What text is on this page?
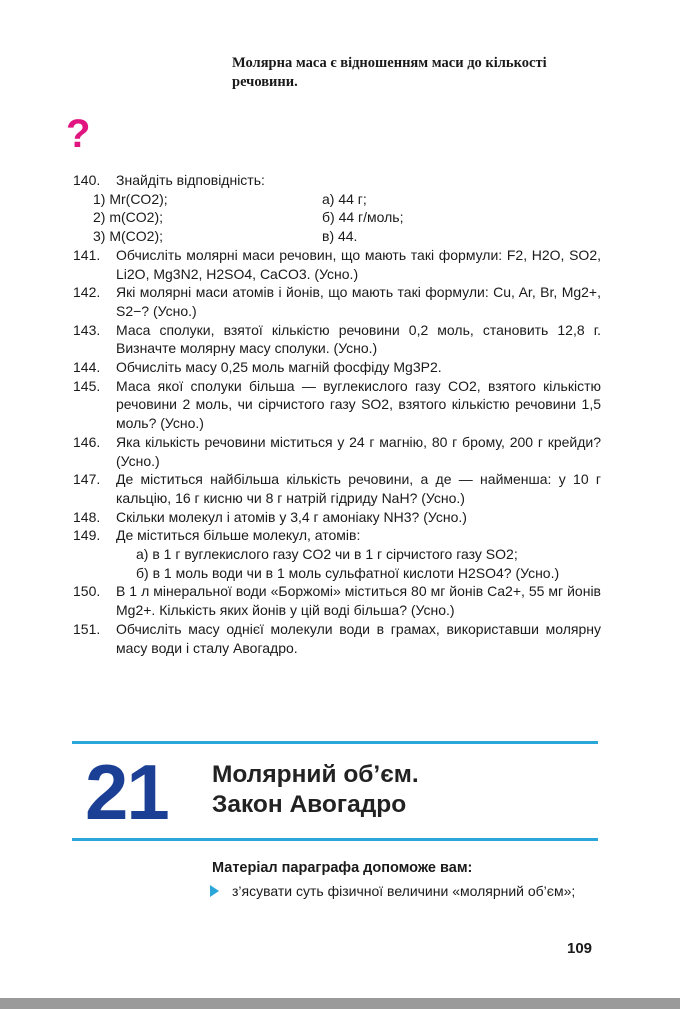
Молярна маса є відношенням маси до кількості речовини.
?
140. Знайдіть відповідність:
1) Mr(CO2);	а) 44 г;
2) m(CO2);	б) 44 г/моль;
3) M(CO2);	в) 44.
141. Обчисліть молярні маси речовин, що мають такі формули: F2, H2O, SO2, Li2O, Mg3N2, H2SO4, CaCO3. (Усно.)
142. Які молярні маси атомів і йонів, що мають такі формули: Cu, Ar, Br, Mg2+, S2−? (Усно.)
143. Маса сполуки, взятої кількістю речовини 0,2 моль, становить 12,8 г. Визначте молярну масу сполуки. (Усно.)
144. Обчисліть масу 0,25 моль магній фосфіду Mg3P2.
145. Маса якої сполуки більша — вуглекислого газу CO2, взятого кількістю речовини 2 моль, чи сірчистого газу SO2, взятого кількістю речовини 1,5 моль? (Усно.)
146. Яка кількість речовини міститься у 24 г магнію, 80 г брому, 200 г крейди? (Усно.)
147. Де міститься найбільша кількість речовини, а де — найменша: у 10 г кальцію, 16 г кисню чи 8 г натрій гідриду NaH? (Усно.)
148. Скільки молекул і атомів у 3,4 г амоніаку NH3? (Усно.)
149. Де міститься більше молекул, атомів:
а) в 1 г вуглекислого газу CO2 чи в 1 г сірчистого газу SO2;
б) в 1 моль води чи в 1 моль сульфатної кислоти H2SO4? (Усно.)
150. В 1 л мінеральної води «Боржомі» міститься 80 мг йонів Ca2+, 55 мг йонів Mg2+. Кількість яких йонів у цій воді більша? (Усно.)
151. Обчисліть масу однієї молекули води в грамах, використавши молярну масу води і сталу Авогадро.
21 Молярний об’єм.
Закон Авогадро
Матеріал параграфа допоможе вам:
з’ясувати суть фізичної величини «молярний об’єм»;
109
